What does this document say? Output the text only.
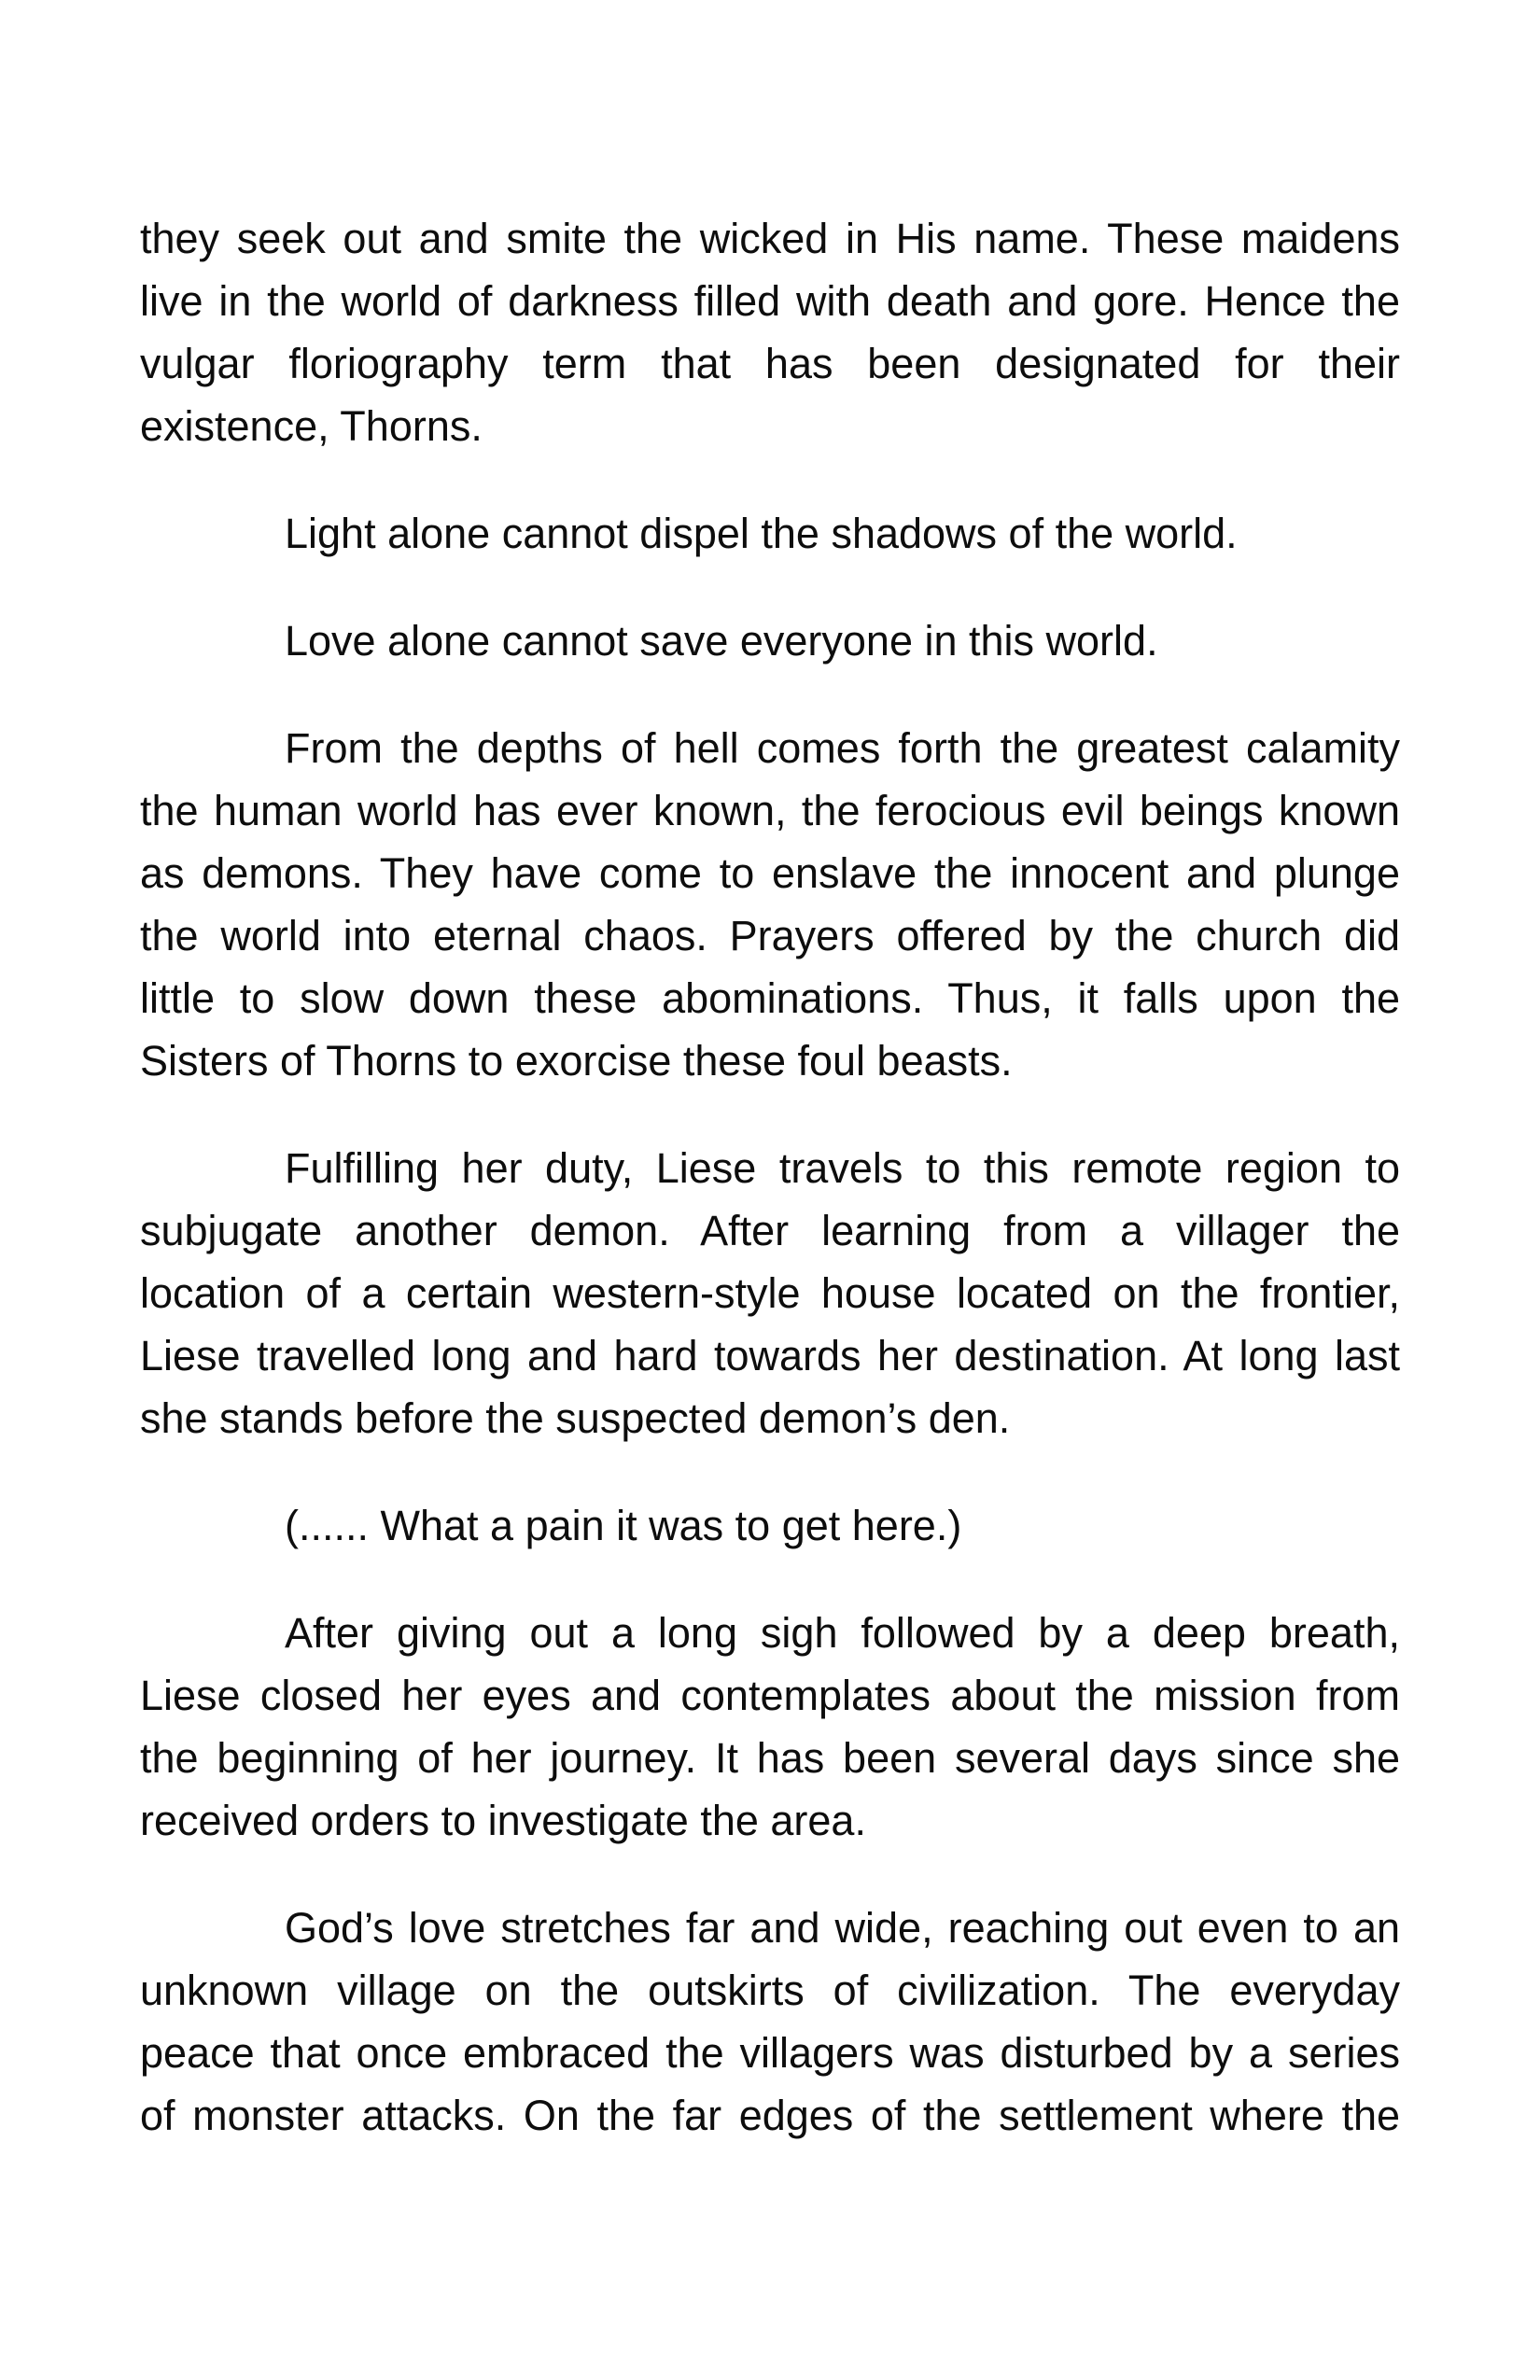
they seek out and smite the wicked in His name. These maidens
live in the world of darkness filled with death and gore. Hence the
vulgar floriography term that has been designated for their
existence, Thorns.
Light alone cannot dispel the shadows of the world.
Love alone cannot save everyone in this world.
From the depths of hell comes forth the greatest calamity
the human world has ever known, the ferocious evil beings known
as demons. They have come to enslave the innocent and plunge
the world into eternal chaos. Prayers offered by the church did
little to slow down these abominations. Thus, it falls upon the
Sisters of Thorns to exorcise these foul beasts.
Fulfilling her duty, Liese travels to this remote region to
subjugate another demon. After learning from a villager the
location of a certain western-style house located on the frontier,
Liese travelled long and hard towards her destination. At long last
she stands before the suspected demon’s den.
(...... What a pain it was to get here.)
After giving out a long sigh followed by a deep breath,
Liese closed her eyes and contemplates about the mission from
the beginning of her journey. It has been several days since she
received orders to investigate the area.
God’s love stretches far and wide, reaching out even to an
unknown village on the outskirts of civilization. The everyday
peace that once embraced the villagers was disturbed by a series
of monster attacks. On the far edges of the settlement where the
